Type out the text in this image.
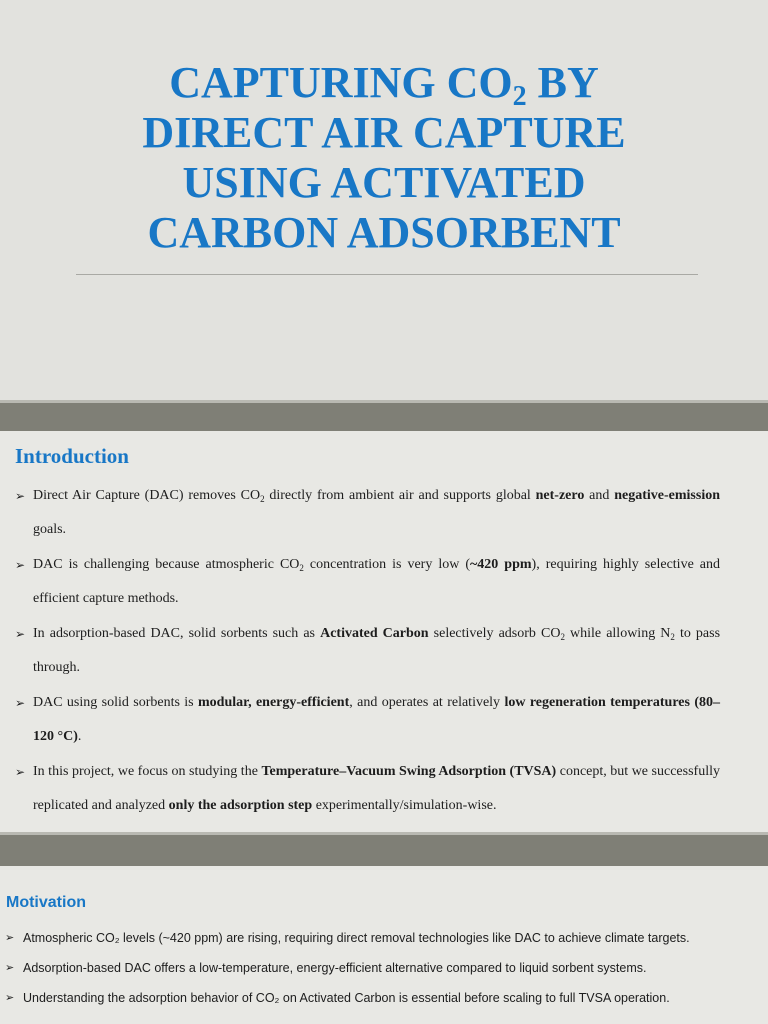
CAPTURING $CO_2$ BY
DIRECT AIR CAPTURE
USING ACTIVATED
CARBON ADSORBENT
Introduction
➢ Direct Air Capture (DAC) removes $CO_2$ directly from ambient air and supports global net-zero and negative-emission goals.
➢ DAC is challenging because atmospheric $CO_2$ concentration is very low (~420 ppm), requiring highly selective and efficient capture methods.
➢ In adsorption-based DAC, solid sorbents such as Activated Carbon selectively adsorb $CO_2$ while allowing $N_2$ to pass through.
➢ DAC using solid sorbents is modular, energy-efficient, and operates at relatively low regeneration temperatures (80–120 °C).
➢ In this project, we focus on studying the Temperature–Vacuum Swing Adsorption (TVSA) concept, but we successfully replicated and analyzed only the adsorption step experimentally/simulation-wise.
Motivation
➢ Atmospheric CO₂ levels (~420 ppm) are rising, requiring direct removal technologies like DAC to achieve climate targets.
➢ Adsorption-based DAC offers a low-temperature, energy-efficient alternative compared to liquid sorbent systems.
➢ Understanding the adsorption behavior of CO₂ on Activated Carbon is essential before scaling to full TVSA operation.
